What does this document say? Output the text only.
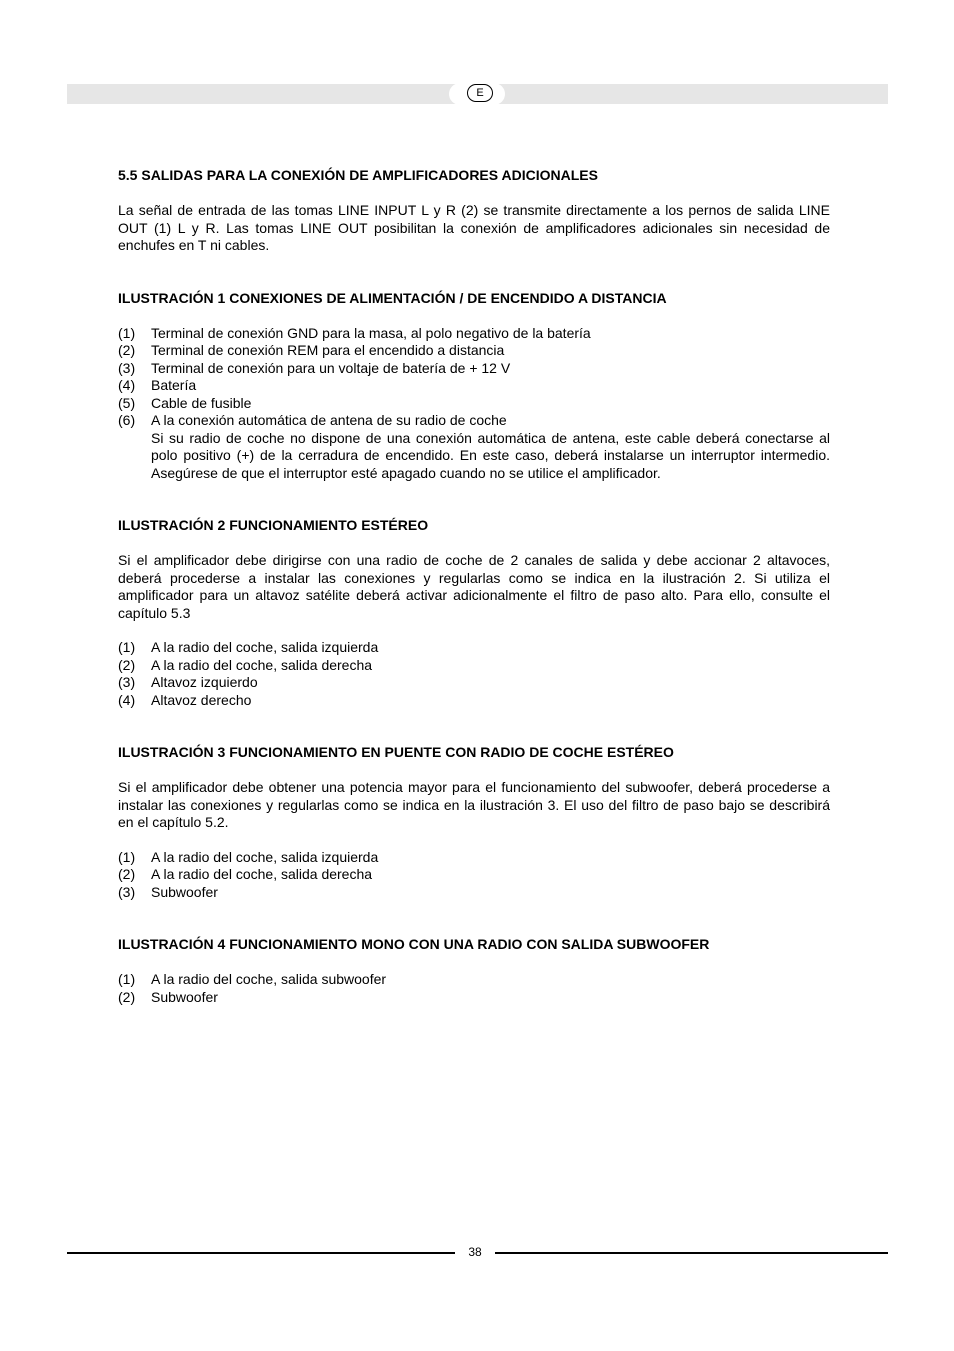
E
5.5 SALIDAS PARA LA CONEXIÓN DE AMPLIFICADORES ADICIONALES

La señal de entrada de las tomas LINE INPUT L y R (2) se transmite directamente a los pernos de salida LINE OUT (1) L y R. Las tomas LINE OUT posibilitan la conexión de amplificadores adicionales sin necesidad de enchufes en T ni cables.

ILUSTRACIÓN 1 CONEXIONES DE ALIMENTACIÓN / DE ENCENDIDO A DISTANCIA
(1)	Terminal de conexión GND para la masa, al polo negativo de la batería
(2)	Terminal de conexión REM para el encendido a distancia
(3)	Terminal de conexión para un voltaje de batería de + 12 V
(4)	Batería
(5)	Cable de fusible
(6)	A la conexión automática de antena de su radio de coche
Si su radio de coche no dispone de una conexión automática de antena, este cable deberá conectarse al polo positivo (+) de la cerradura de encendido. En este caso, deberá instalarse un interruptor intermedio. Asegúrese de que el interruptor esté apagado cuando no se utilice el amplificador.
ILUSTRACIÓN 2 FUNCIONAMIENTO ESTÉREO

Si el amplificador debe dirigirse con una radio de coche de 2 canales de salida y debe accionar 2 altavoces, deberá procederse a instalar las conexiones y regularlas como se indica en la ilustración 2. Si utiliza el amplificador para un altavoz satélite deberá activar adicionalmente el filtro de paso alto. Para ello, consulte el capítulo 5.3

(1)	A la radio del coche, salida izquierda
(2)	A la radio del coche, salida derecha
(3)	Altavoz izquierdo
(4)	Altavoz derecho
ILUSTRACIÓN 3 FUNCIONAMIENTO EN PUENTE CON RADIO DE COCHE ESTÉREO

Si el amplificador debe obtener una potencia mayor para el funcionamiento del subwoofer, deberá procederse a instalar las conexiones y regularlas como se indica en la ilustración 3. El uso del filtro de paso bajo se describirá en el capítulo 5.2.

(1)	A la radio del coche, salida izquierda
(2)	A la radio del coche, salida derecha
(3)	Subwoofer
ILUSTRACIÓN 4 FUNCIONAMIENTO MONO CON UNA RADIO CON SALIDA SUBWOOFER
(1)	A la radio del coche, salida subwoofer
(2)	Subwoofer
38
